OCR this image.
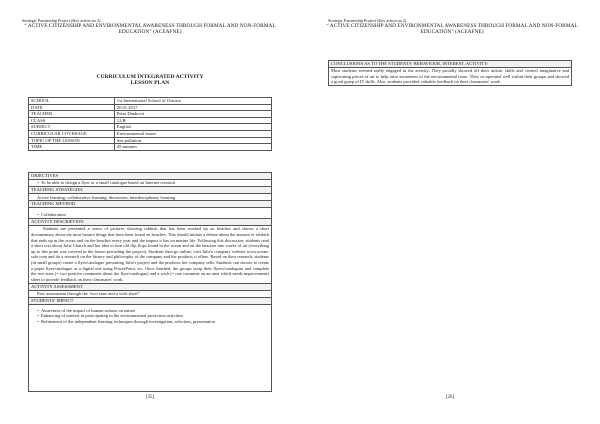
Strategic Partnership Project (Key action no 2)
“ ACTIVE CITIZENSHIP AND ENVIRONMENTAL AWARENESS THROUGH FORMAL AND NON-FORMAL EDUCATION” (ACEAFNE)
CURRICULUM INTEGRATED ACTIVITY
LESSON PLAN
SCHOOL	1st International School of Ostrava
DATE	20.01.2017
TEACHER	Petra Danková
CLASS	12.B
SUBJECT	English
CURRICULAR COVERAGE	Environmental issues
TOPIC OF THE LESSON	Sea pollution
TIME	45 minutes
OBJECTIVES
• To be able to design a flyer or a small catalogue based on Internet research
TEACHING STRATEGIES
Active learning, collaborative learning, discussion, interdisciplinary learning
TEACHING METHOD
• Collaboration
ACTIVITY DESCRIPTION
Students are presented a series of pictures showing rubbish that has been washed up on beaches and shown a short documentary about the most bizarre things that have been found on beaches. This should initiate a debate about the amount of rubbish that ends up in the ocean and on the beaches every year and the impact it has on marine life. Following this discussion, students read a short text about Julie Church and her idea to turn old flip flops found in the ocean and on the beaches into works of art (everything up to this point was covered in the lesson preceding the project). Students then go online, visit Julie's company website www.ocean-sole.com and do a research on the history and philosophy of the company and the products it offers. Based on their research, students (in small groups) create a flyer/catalogue presenting Julie's project and the products her company sells. Students can choose to create a paper flyer/catalogue or a digital one using PowerPoint, etc. Once finished, the groups swap their flyers/catalogues and complete the two stars (= two positive comments about the flyer/catalogue) and a wish (= one comment on an area which needs improvement) sheet to provide feedback on their classmates' work.
ACTIVITY ASSESSMENT
Peer assessment through the “two stars and a wish sheet”
STUDENTS' IMPACT
• Awareness of the impact of human actions on nature
• Enhancing of interest in participating in the environmental protection activities
• Refinement of the independent learning techniques through investigation, selection, presentation
[25]
Strategic Partnership Project (Key action no 2)
“ ACTIVE CITIZENSHIP AND ENVIRONMENTAL AWARENESS THROUGH FORMAL AND NON-FORMAL EDUCATION” (ACEAFNE)
CONCLUSIONS AS TO THE STUDENTS' BEHAVIOUR, INTEREST, ACTIVITY:
Most students seemed really engaged in the activity. They proudly showed off their artistic skills and created imaginative and captivating pieces of art to help raise awareness of the environmental issue. They co-operated well within their groups and showed a good grasp of IT skills. Also, students provided valuable feedback on their classmates' work.
[26]
